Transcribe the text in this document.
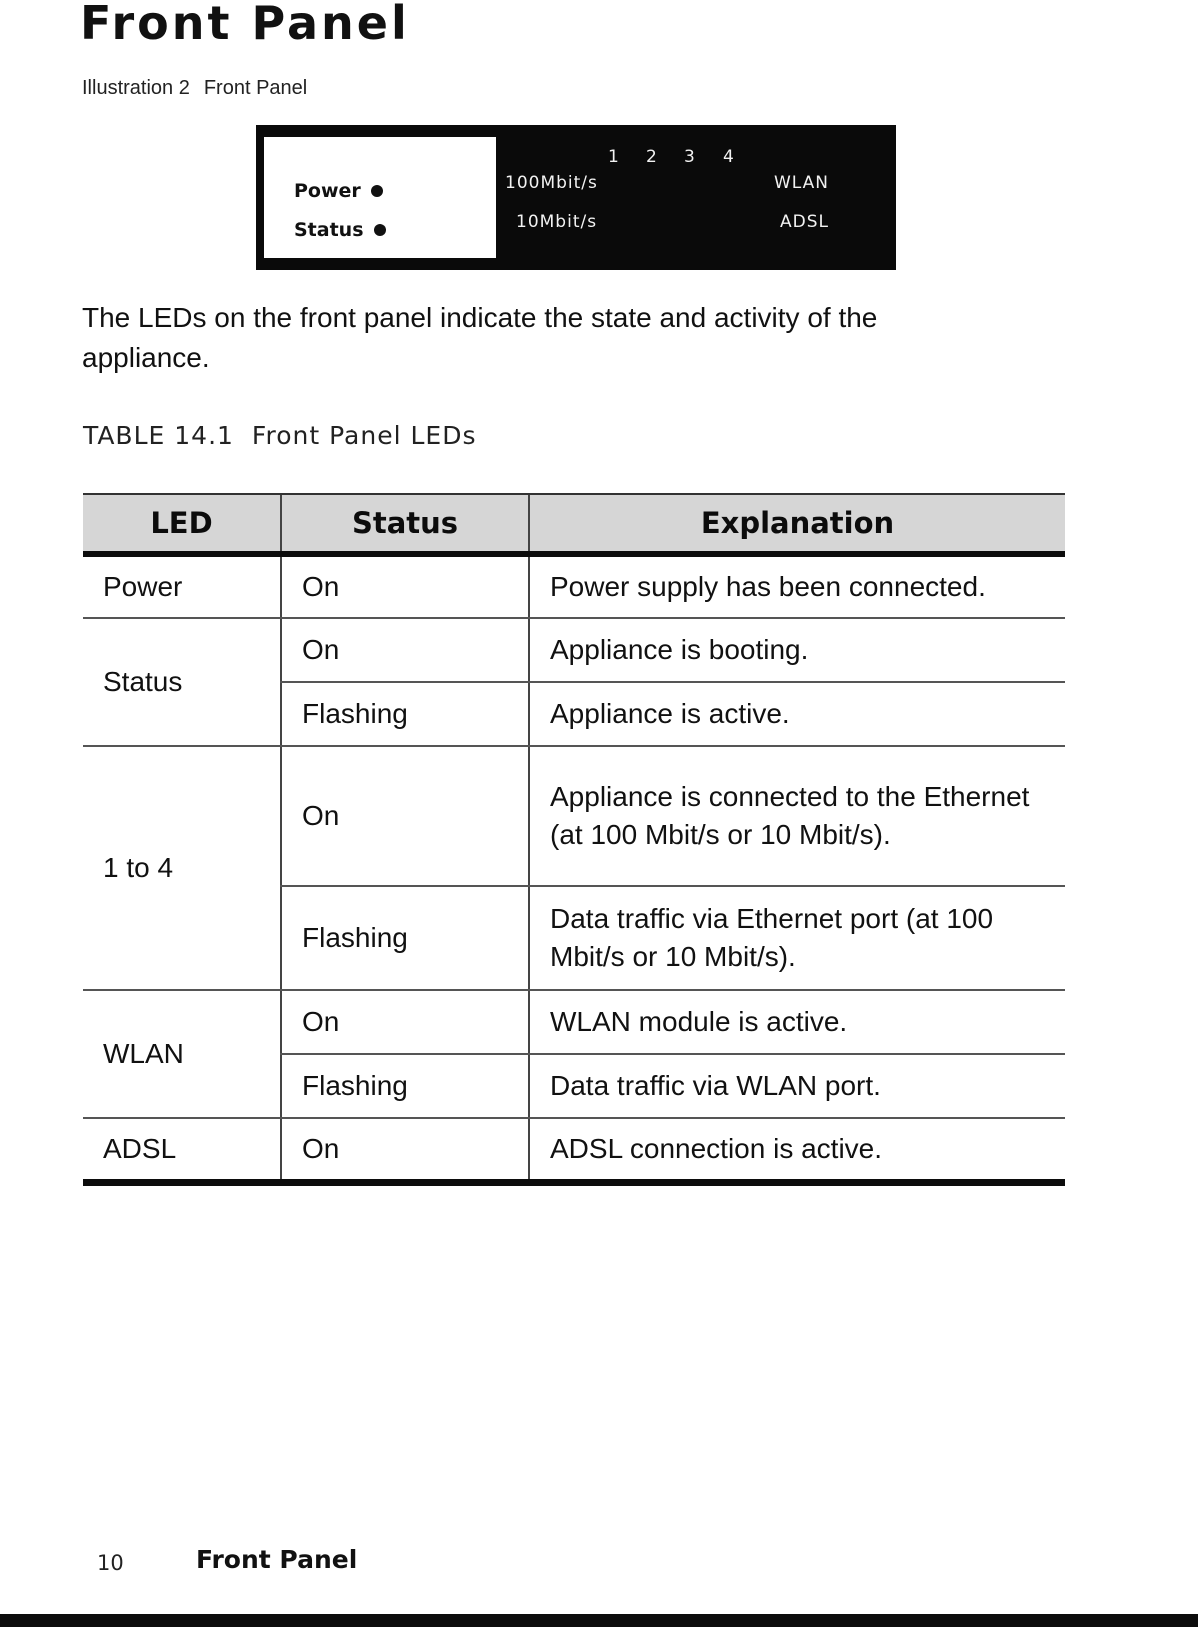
Front Panel
Illustration 2 Front Panel
Power
Status
1 2 3 4
100Mbit/s
10Mbit/s
WLAN
ADSL

The LEDs on the front panel indicate the state and activity of the appliance.

TABLE 14.1 Front Panel LEDs
LED	Status	Explanation
Power	On	Power supply has been connected.
Status	On	Appliance is booting.
	Flashing	Appliance is active.
1 to 4	On	Appliance is connected to the Ethernet (at 100 Mbit/s or 10 Mbit/s).
	Flashing	Data traffic via Ethernet port (at 100 Mbit/s or 10 Mbit/s).
WLAN	On	WLAN module is active.
	Flashing	Data traffic via WLAN port.
ADSL	On	ADSL connection is active.
10	Front Panel
